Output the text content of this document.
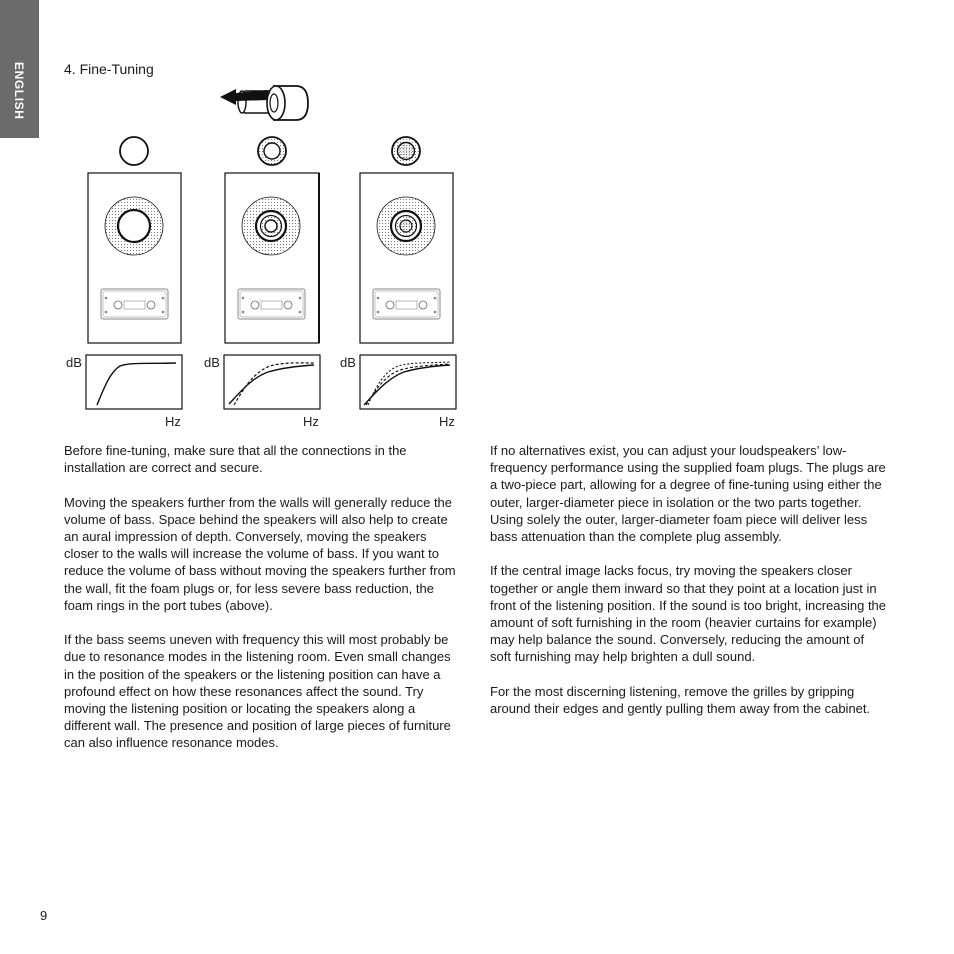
ENGLISH	4. Fine-Tuning
dB
Hz
dB
Hz
dB
Hz

Before fine-tuning, make sure that all the connections in the installation are correct and secure.

Moving the speakers further from the walls will generally reduce the volume of bass. Space behind the speakers will also help to create an aural impression of depth. Conversely, moving the speakers closer to the walls will increase the volume of bass. If you want to reduce the volume of bass without moving the speakers further from the wall, fit the foam plugs or, for less severe bass reduction, the foam rings in the port tubes (above).

If the bass seems uneven with frequency this will most probably be due to resonance modes in the listening room. Even small changes in the position of the speakers or the listening position can have a profound effect on how these resonances affect the sound. Try moving the listening position or locating the speakers along a different wall. The presence and position of large pieces of furniture can also influence resonance modes.

If no alternatives exist, you can adjust your loudspeakers’ low-frequency performance using the supplied foam plugs. The plugs are a two-piece part, allowing for a degree of fine-tuning using either the outer, larger-diameter piece in isolation or the two parts together. Using solely the outer, larger-diameter foam piece will deliver less bass attenuation than the complete plug assembly.

If the central image lacks focus, try moving the speakers closer together or angle them inward so that they point at a location just in front of the listening position. If the sound is too bright, increasing the amount of soft furnishing in the room (heavier curtains for example) may help balance the sound. Conversely, reducing the amount of soft furnishing may help brighten a dull sound.

For the most discerning listening, remove the grilles by gripping around their edges and gently pulling them away from the cabinet.

9
